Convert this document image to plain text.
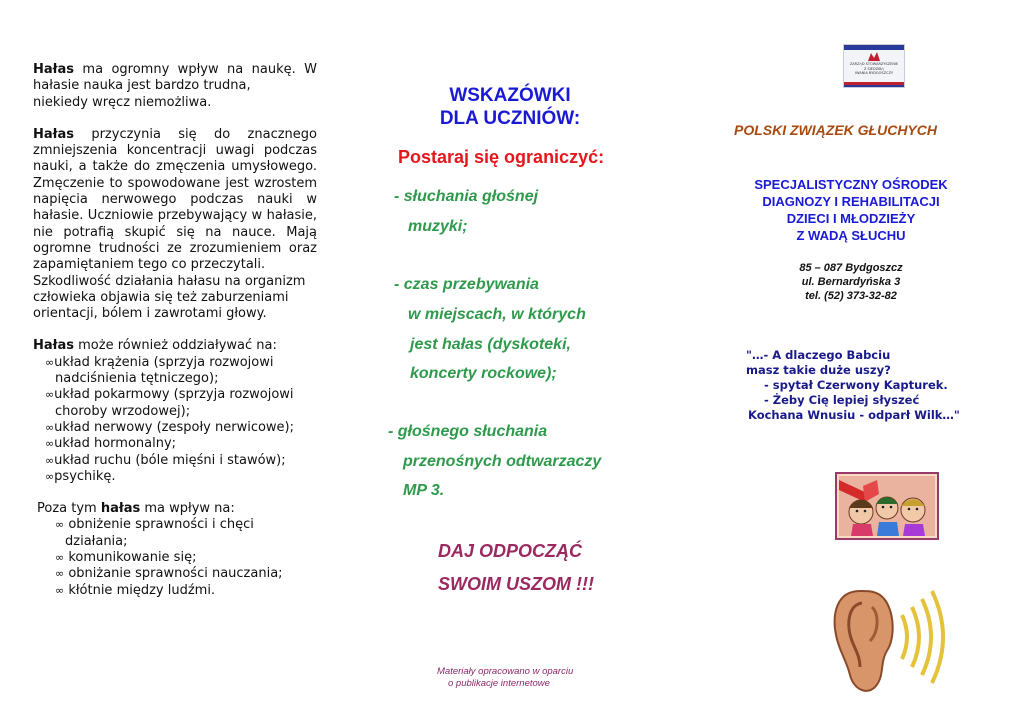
Hałas ma ogromny wpływ na naukę. W hałasie nauka jest bardzo trudna,

niekiedy wręcz niemożliwa.

Hałas przyczynia się do znacznego zmniejszenia koncentracji uwagi podczas nauki, a także do zmęczenia umysłowego. Zmęczenie to spowodowane jest wzrostem napięcia nerwowego podczas nauki w hałasie. Uczniowie przebywający w hałasie, nie potrafią skupić się na nauce. Mają ogromne trudności ze zrozumieniem oraz zapamiętaniem tego co przeczytali.

Szkodliwość działania hałasu na organizm człowieka objawia się też zaburzeniami orientacji, bólem i zawrotami głowy.

Hałas może również oddziaływać na:

∞układ krążenia (sprzyja rozwojowi nadciśnienia tętniczego);
∞układ pokarmowy (sprzyja rozwojowi choroby wrzodowej);
∞układ nerwowy (zespoły nerwicowe);
∞układ hormonalny;
∞układ ruchu (bóle mięśni i stawów);
∞psychikę.

Poza tym hałas ma wpływ na:

∞ obniżenie sprawności i chęci działania;
∞ komunikowanie się;
∞ obniżanie sprawności nauczania;
∞ kłótnie między ludźmi.
WSKAZÓWKI
DLA UCZNIÓW:
Postaraj się ograniczyć:
- słuchania głośnej
muzyki;
- czas przebywania
w miejscach, w których
jest hałas (dyskoteki,
koncerty rockowe);
- głośnego słuchania
przenośnych odtwarzaczy
MP 3.
DAJ ODPOCZĄĆ
SWOIM USZOM !!!
Materiały opracowano w oparciu
o publikacje internetowe
ZARZĄD STOWARZYSZENIE
Z SIEDZIBĄ
IWANIA BYDGOSZCZY
POLSKI ZWIĄZEK GŁUCHYCH
SPECJALISTYCZNY OŚRODEK
DIAGNOZY I REHABILITACJI
DZIECI I MŁODZIEŻY
Z WADĄ SŁUCHU
85 – 087 Bydgoszcz
ul. Bernardyńska 3
tel. (52) 373-32-82
"…- A dlaczego Babciu
masz takie duże uszy?
- spytał Czerwony Kapturek.
- Żeby Cię lepiej słyszeć
Kochana Wnusiu - odparł Wilk…"
